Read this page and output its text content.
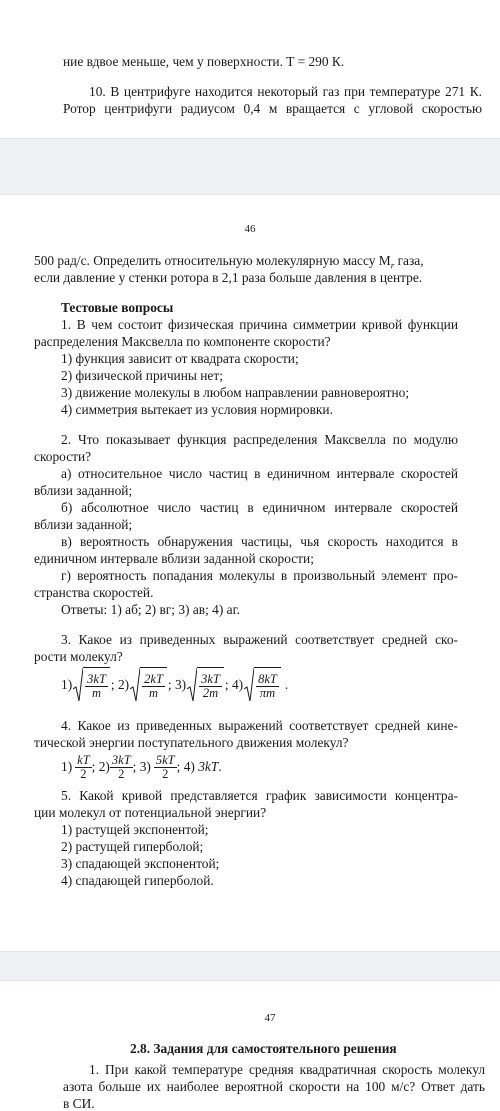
ние вдвое меньше, чем у поверхности. T = 290 К.
10. В центрифуге находится некоторый газ при температуре 271 К.
Ротор центрифуги радиусом 0,4 м вращается с угловой скоростью
46
500 рад/с. Определить относительную молекулярную массу $M_r$ газа,
если давление у стенки ротора в 2,1 раза больше давления в центре.
Тестовые вопросы
1. В чем состоит физическая причина симметрии кривой функции
распределения Максвелла по компоненте скорости?
1) функция зависит от квадрата скорости;
2) физической причины нет;
3) движение молекулы в любом направлении равновероятно;
4) симметрия вытекает из условия нормировки.
2. Что показывает функция распределения Максвелла по модулю
скорости?
а) относительное число частиц в единичном интервале скоростей
вблизи заданной;
б) абсолютное число частиц в единичном интервале скоростей
вблизи заданной;
в) вероятность обнаружения частицы, чья скорость находится в
единичном интервале вблизи заданной скорости;
г) вероятность попадания молекулы в произвольный элемент про-
странства скоростей.
Ответы: 1) аб; 2) вг; 3) ав; 4) аг.
3. Какое из приведенных выражений соответствует средней ско-
рости молекул?
$1) \frac{3kT}{m}$ ; $2) \frac{2kT}{m}$ ; $3) \frac{3kT}{2m}$ ; $4) \frac{8kT}{\pi m}$ .
4. Какое из приведенных выражений соответствует средней кине-
тической энергии поступательного движения молекул?
$1) \frac{kT}{2}$ ; $2) \frac{3kT}{2}$ ; $3) \frac{5kT}{2}$ ; 4) 3kT .
5. Какой кривой представляется график зависимости концентра-
ции молекул от потенциальной энергии?
1) растущей экспонентой;
2) растущей гиперболой;
3) спадающей экспонентой;
4) спадающей гиперболой.
47
2.8. Задания для самостоятельного решения
1. При какой температуре средняя квадратичная скорость молекул
азота больше их наиболее вероятной скорости на 100 м/с? Ответ дать
в СИ.
